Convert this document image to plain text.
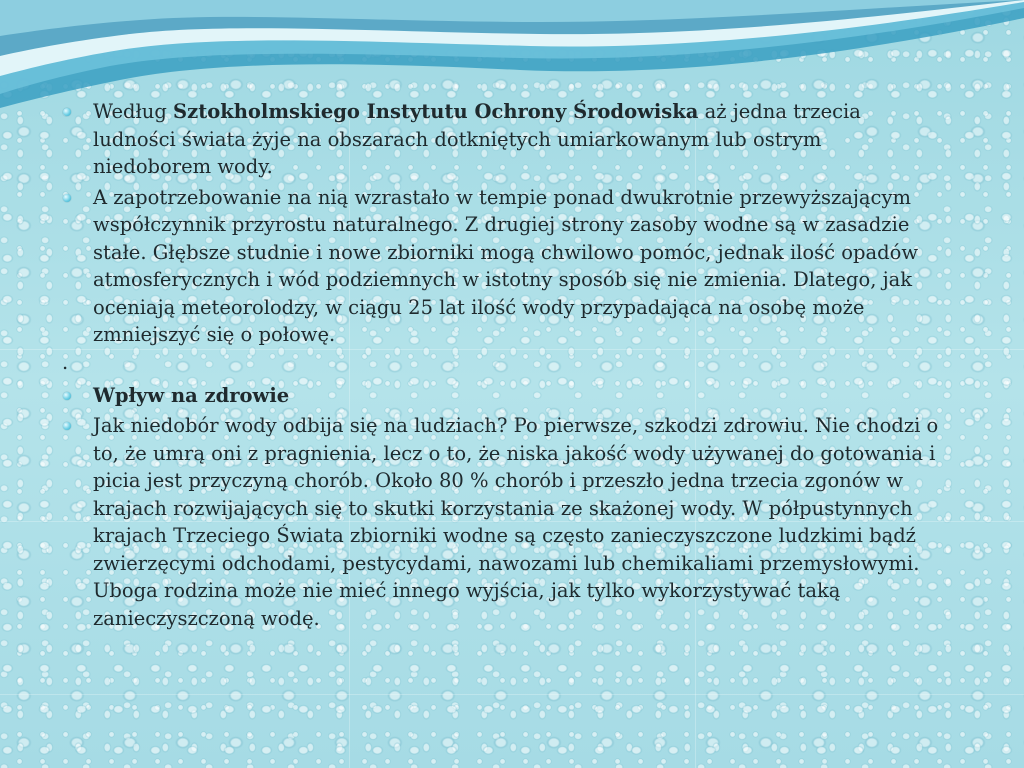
Według Sztokholmskiego Instytutu Ochrony Środowiska aż jedna trzecia ludności świata żyje na obszarach dotkniętych umiarkowanym lub ostrym niedoborem wody.
A zapotrzebowanie na nią wzrastało w tempie ponad dwukrotnie przewyższającym współczynnik przyrostu naturalnego. Z drugiej strony zasoby wodne są w zasadzie stałe. Głębsze studnie i nowe zbiorniki mogą chwilowo pomóc, jednak ilość opadów atmosferycznych i wód podziemnych w istotny sposób się nie zmienia. Dlatego, jak oceniają meteorolodzy, w ciągu 25 lat ilość wody przypadająca na osobę może zmniejszyć się o połowę.
.
Wpływ na zdrowie
Jak niedobór wody odbija się na ludziach? Po pierwsze, szkodzi zdrowiu. Nie chodzi o to, że umrą oni z pragnienia, lecz o to, że niska jakość wody używanej do gotowania i picia jest przyczyną chorób. Około 80 % chorób i przeszło jedna trzecia zgonów w krajach rozwijających się to skutki korzystania ze skażonej wody. W półpustynnych krajach Trzeciego Świata zbiorniki wodne są często zanieczyszczone ludzkimi bądź zwierzęcymi odchodami, pestycydami, nawozami lub chemikaliami przemysłowymi. Uboga rodzina może nie mieć innego wyjścia, jak tylko wykorzystywać taką zanieczyszczoną wodę.
